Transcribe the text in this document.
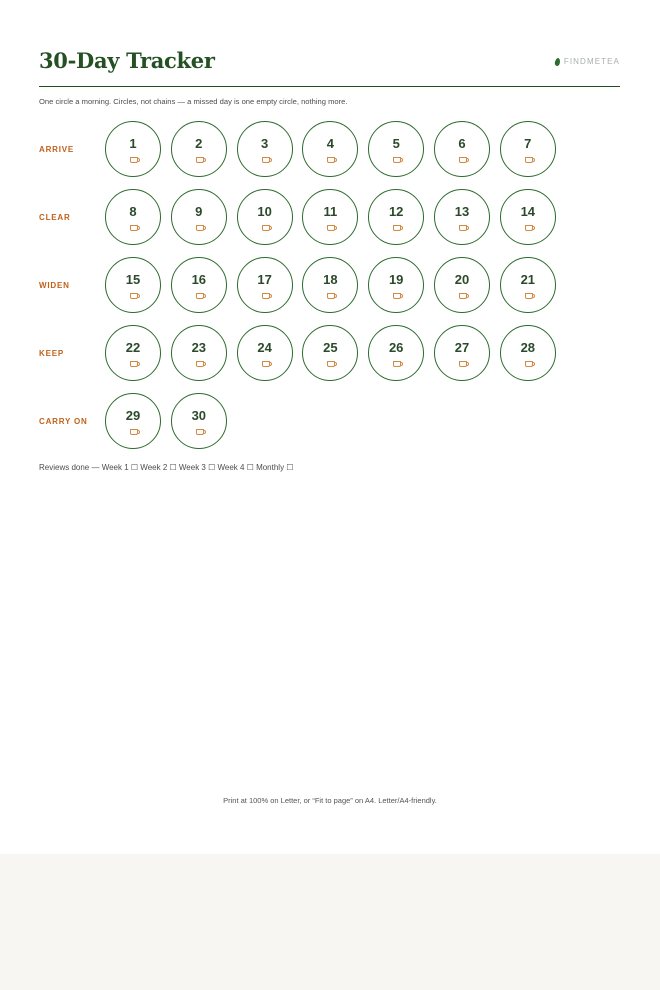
30-Day Tracker	FINDMETEA
One circle a morning. Circles, not chains — a missed day is one empty circle, nothing more.
ARRIVE	1	2	3	4	5	6	7
CLEAR	8	9	10	11	12	13	14
WIDEN	15	16	17	18	19	20	21
KEEP	22	23	24	25	26	27	28
CARRY ON	29	30
Reviews done — Week 1 ☐ Week 2 ☐ Week 3 ☐ Week 4 ☐ Monthly ☐
Print at 100% on Letter, or “Fit to page” on A4. Letter/A4-friendly.
